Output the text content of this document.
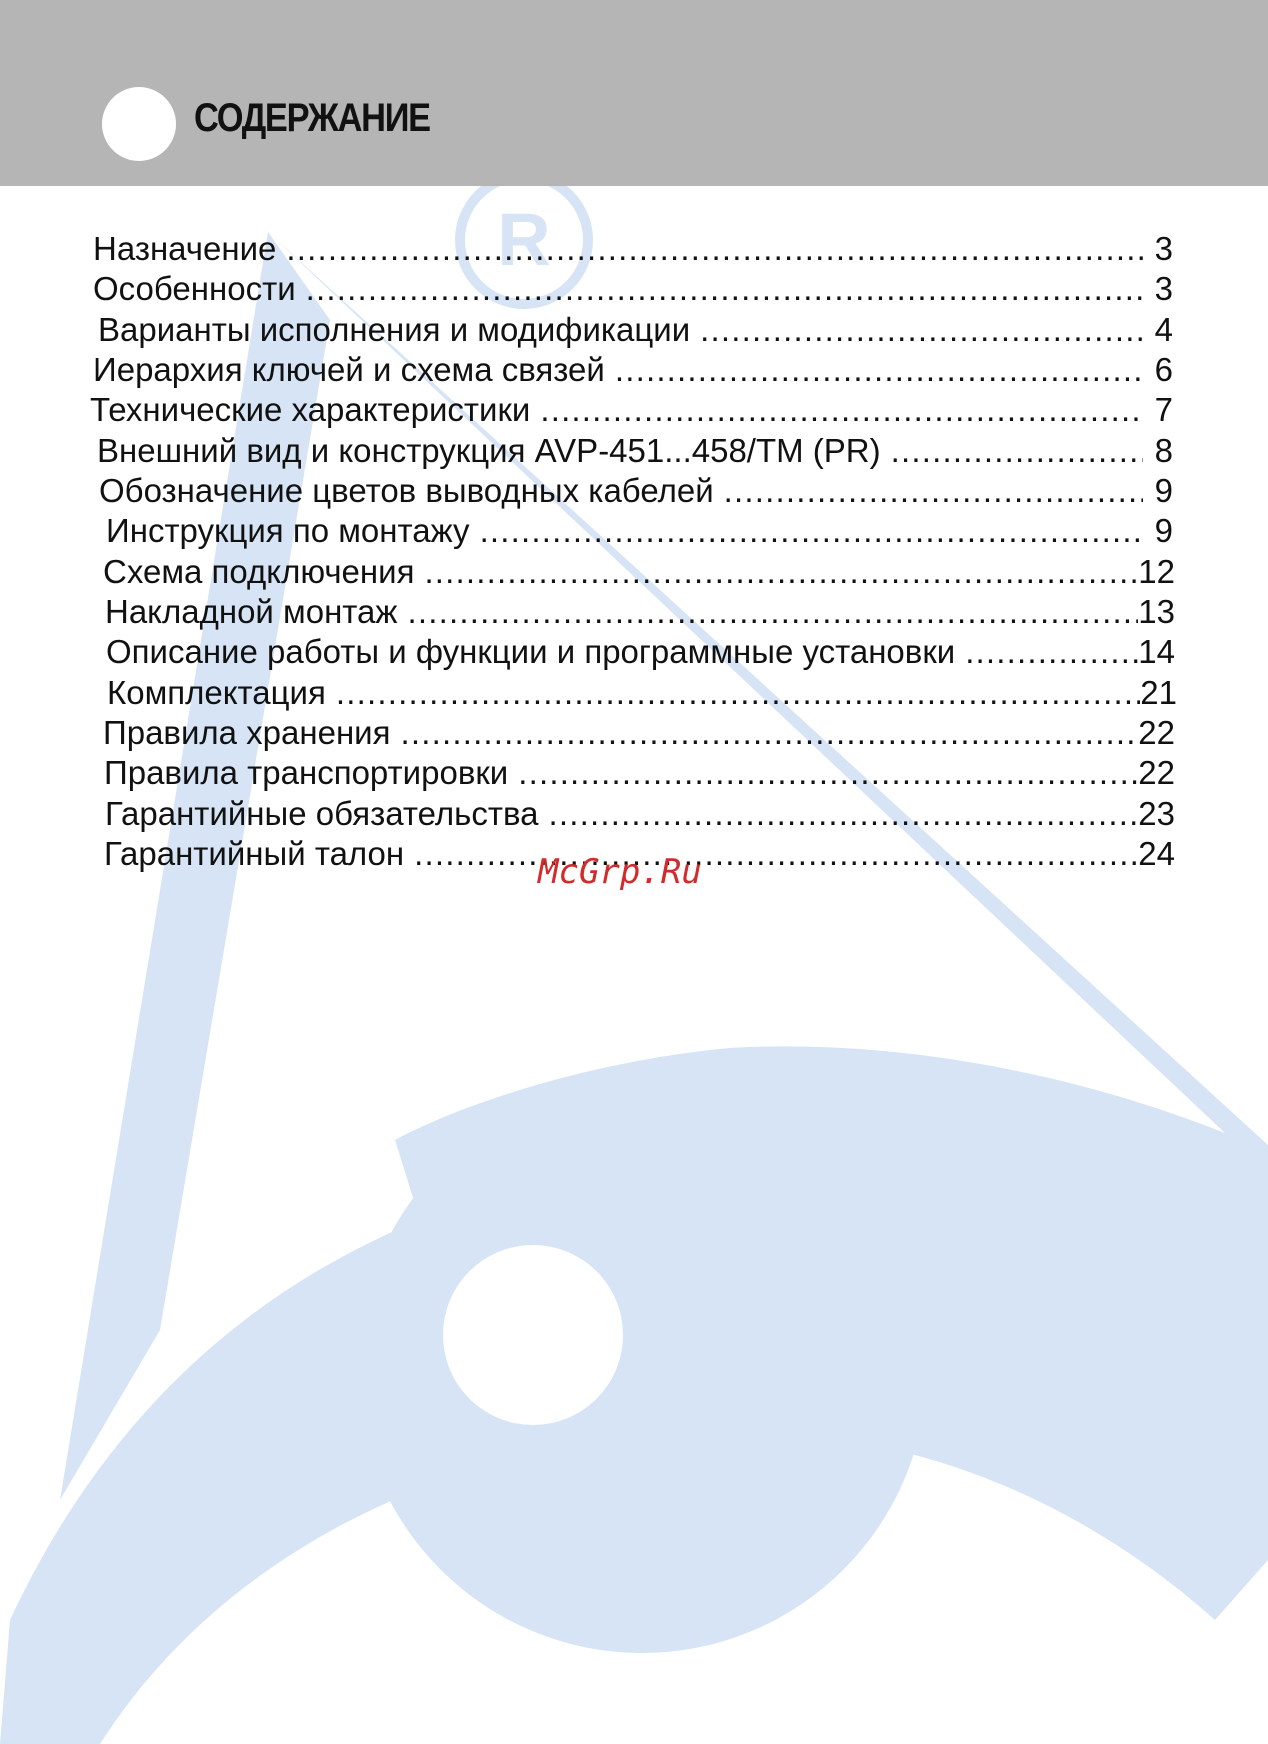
R
СОДЕРЖАНИЕ
Назначение .....	3
Особенности .....	3
Варианты исполнения и модификации .....	4
Иерархия ключей и схема связей .....	6
Технические характеристики .....	7
Внешний вид и конструкция AVP-451...458/TM (PR) .....	8
Обозначение цветов выводных кабелей .....	9
Инструкция по монтажу .....	9
Схема подключения .....	12
Накладной монтаж .....	13
Описание работы и функции и программные установки .....	14
Комплектация .....	21
Правила хранения .....	22
Правила транспортировки .....	22
Гарантийные обязательства .....	23
Гарантийный талон .....	24
McGrp.Ru
